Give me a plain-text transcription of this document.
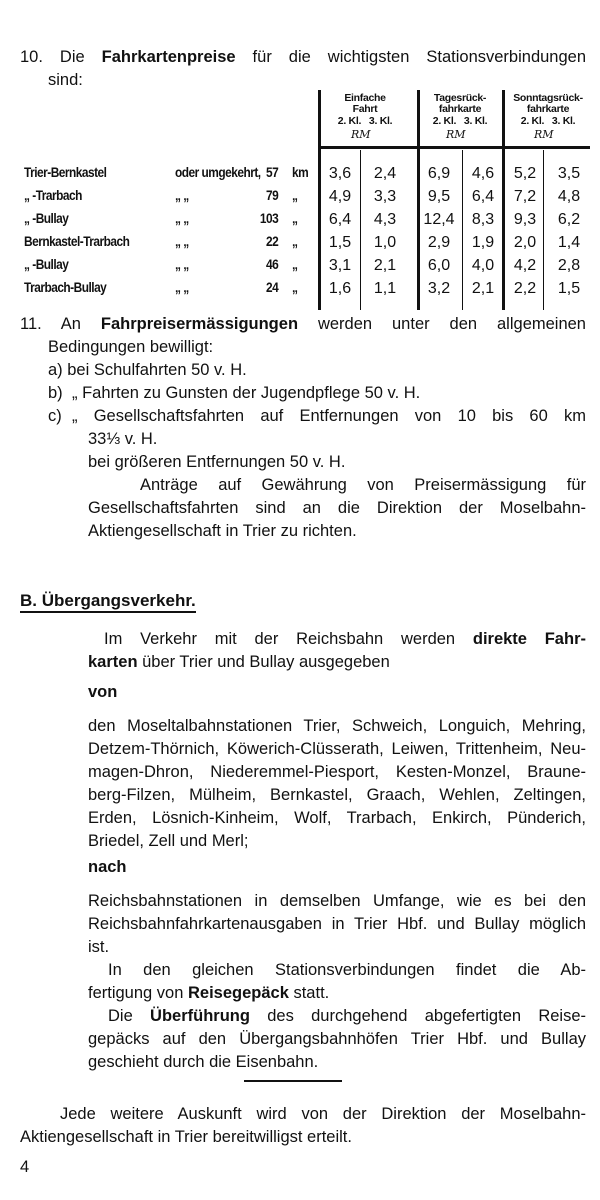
10. Die Fahrkartenpreise für die wichtigsten Stationsverbindungen
sind:
Einfache
Fahrt
2. Kl.   3. Kl.
RM
Tagesrück-
fahrkarte
2. Kl.   3. Kl.
RM
Sonntagsrück-
fahrkarte
2. Kl.   3. Kl.
RM
Trier-Bernkastel	oder umgekehrt, 57 km	3,6	2,4	6,9	4,6	5,2	3,5
„ -Trarbach	„ „	79 „	4,9	3,3	9,5	6,4	7,2	4,8
„ -Bullay	„ „	103 „	6,4	4,3	12,4	8,3	9,3	6,2
Bernkastel-Trarbach	„ „	22 „	1,5	1,0	2,9	1,9	2,0	1,4
„ -Bullay	„ „	46 „	3,1	2,1	6,0	4,0	4,2	2,8
Trarbach-Bullay	„ „	24 „	1,6	1,1	3,2	2,1	2,2	1,5
11. An Fahrpreisermässigungen werden unter den allgemeinen
Bedingungen bewilligt:
a) bei Schulfahrten 50 v. H.
b) „ Fahrten zu Gunsten der Jugendpflege 50 v. H.
c) „ Gesellschaftsfahrten auf Entfernungen von 10 bis 60 km
33⅓ v. H.
bei größeren Entfernungen 50 v. H.
Anträge auf Gewährung von Preisermässigung für
Gesellschaftsfahrten sind an die Direktion der Moselbahn-
Aktiengesellschaft in Trier zu richten.
B. Übergangsverkehr.
Im Verkehr mit der Reichsbahn werden direkte Fahr-
karten über Trier und Bullay ausgegeben
von
den Moseltalbahnstationen Trier, Schweich, Longuich, Mehring,
Detzem-Thörnich, Köwerich-Clüsserath, Leiwen, Trittenheim, Neu-
magen-Dhron, Niederemmel-Piesport, Kesten-Monzel, Braune-
berg-Filzen, Mülheim, Bernkastel, Graach, Wehlen, Zeltingen,
Erden, Lösnich-Kinheim, Wolf, Trarbach, Enkirch, Pünderich,
Briedel, Zell und Merl;
nach
Reichsbahnstationen in demselben Umfange, wie es bei den
Reichsbahnfahrkartenausgaben in Trier Hbf. und Bullay möglich
ist.
In den gleichen Stationsverbindungen findet die Ab-
fertigung von Reisegepäck statt.
Die Überführung des durchgehend abgefertigten Reise-
gepäcks auf den Übergangsbahnhöfen Trier Hbf. und Bullay
geschieht durch die Eisenbahn.
Jede weitere Auskunft wird von der Direktion der Moselbahn-
Aktiengesellschaft in Trier bereitwilligst erteilt.
4
